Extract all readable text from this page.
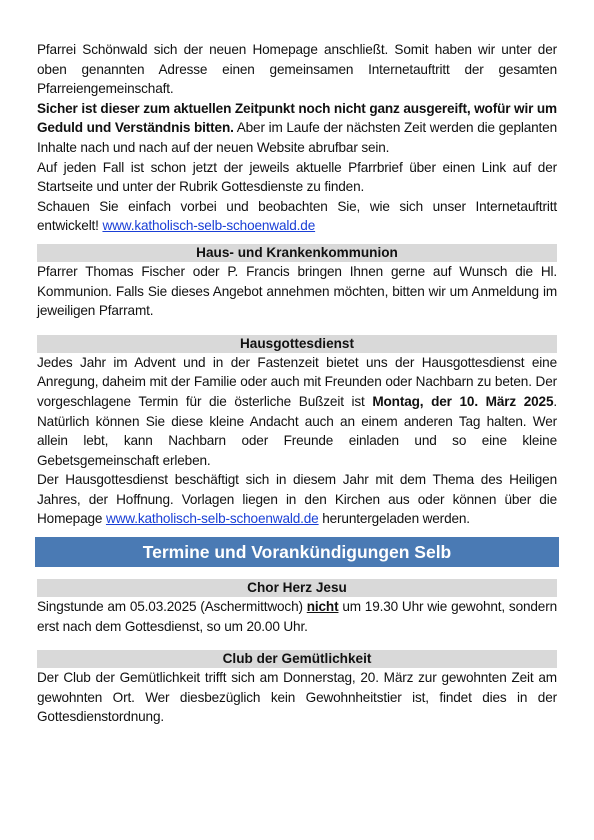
Pfarrei Schönwald sich der neuen Homepage anschließt. Somit haben wir unter der oben genannten Adresse einen gemeinsamen Internetauftritt der gesamten Pfarreiengemeinschaft.
Sicher ist dieser zum aktuellen Zeitpunkt noch nicht ganz ausgereift, wofür wir um Geduld und Verständnis bitten. Aber im Laufe der nächsten Zeit werden die geplanten Inhalte nach und nach auf der neuen Website abrufbar sein.
Auf jeden Fall ist schon jetzt der jeweils aktuelle Pfarrbrief über einen Link auf der Startseite und unter der Rubrik Gottesdienste zu finden.
Schauen Sie einfach vorbei und beobachten Sie, wie sich unser Internetauftritt entwickelt! www.katholisch-selb-schoenwald.de

Haus- und Krankenkommunion

Pfarrer Thomas Fischer oder P. Francis bringen Ihnen gerne auf Wunsch die Hl. Kommunion. Falls Sie dieses Angebot annehmen möchten, bitten wir um Anmeldung im jeweiligen Pfarramt.

Hausgottesdienst

Jedes Jahr im Advent und in der Fastenzeit bietet uns der Hausgottesdienst eine Anregung, daheim mit der Familie oder auch mit Freunden oder Nachbarn zu beten. Der vorgeschlagene Termin für die österliche Bußzeit ist Montag, der 10. März 2025. Natürlich können Sie diese kleine Andacht auch an einem anderen Tag halten. Wer allein lebt, kann Nachbarn oder Freunde einladen und so eine kleine Gebetsgemeinschaft erleben.
Der Hausgottesdienst beschäftigt sich in diesem Jahr mit dem Thema des Heiligen Jahres, der Hoffnung. Vorlagen liegen in den Kirchen aus oder können über die Homepage www.katholisch-selb-schoenwald.de heruntergeladen werden.

Termine und Vorankündigungen Selb
Chor Herz Jesu

Singstunde am 05.03.2025 (Aschermittwoch) nicht um 19.30 Uhr wie gewohnt, sondern erst nach dem Gottesdienst, so um 20.00 Uhr.

Club der Gemütlichkeit

Der Club der Gemütlichkeit trifft sich am Donnerstag, 20. März zur gewohnten Zeit am gewohnten Ort. Wer diesbezüglich kein Gewohnheitstier ist, findet dies in der Gottesdienstordnung.
